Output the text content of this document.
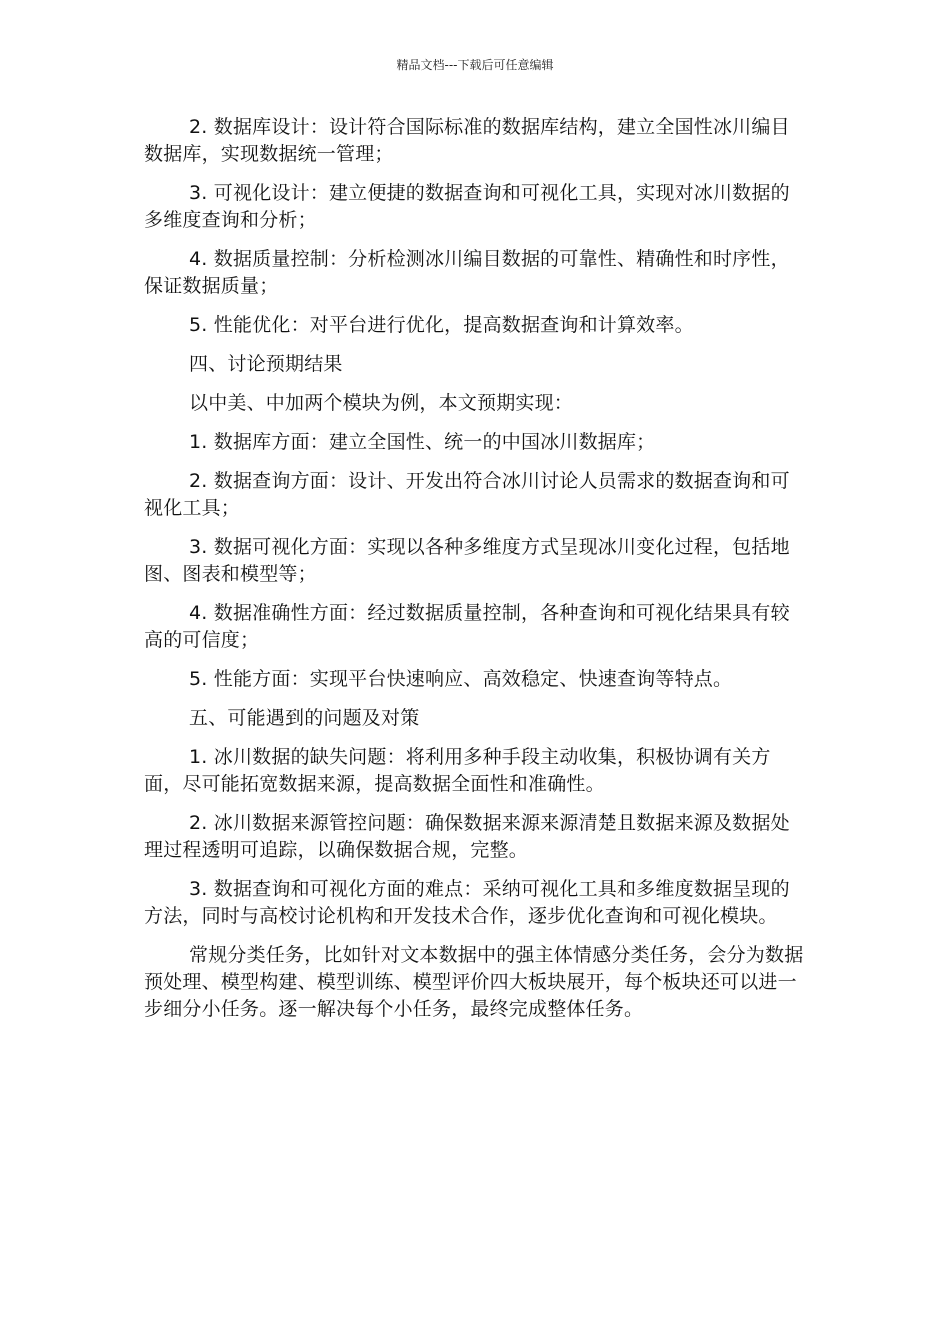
精品文档---下载后可任意编辑

2. 数据库设计：设计符合国际标准的数据库结构，建立全国性冰川编目数据库，实现数据统一管理；

3. 可视化设计：建立便捷的数据查询和可视化工具，实现对冰川数据的多维度查询和分析；

4. 数据质量控制：分析检测冰川编目数据的可靠性、精确性和时序性，保证数据质量；

5. 性能优化：对平台进行优化，提高数据查询和计算效率。

四、讨论预期结果

以中美、中加两个模块为例，本文预期实现：

1. 数据库方面：建立全国性、统一的中国冰川数据库；

2. 数据查询方面：设计、开发出符合冰川讨论人员需求的数据查询和可视化工具；

3. 数据可视化方面：实现以各种多维度方式呈现冰川变化过程，包括地图、图表和模型等；

4. 数据准确性方面：经过数据质量控制，各种查询和可视化结果具有较高的可信度；

5. 性能方面：实现平台快速响应、高效稳定、快速查询等特点。

五、可能遇到的问题及对策

1. 冰川数据的缺失问题：将利用多种手段主动收集，积极协调有关方面，尽可能拓宽数据来源，提高数据全面性和准确性。

2. 冰川数据来源管控问题：确保数据来源来源清楚且数据来源及数据处理过程透明可追踪，以确保数据合规，完整。

3. 数据查询和可视化方面的难点：采纳可视化工具和多维度数据呈现的方法，同时与高校讨论机构和开发技术合作，逐步优化查询和可视化模块。

常规分类任务，比如针对文本数据中的强主体情感分类任务，会分为数据预处理、模型构建、模型训练、模型评价四大板块展开，每个板块还可以进一步细分小任务。逐一解决每个小任务，最终完成整体任务。
